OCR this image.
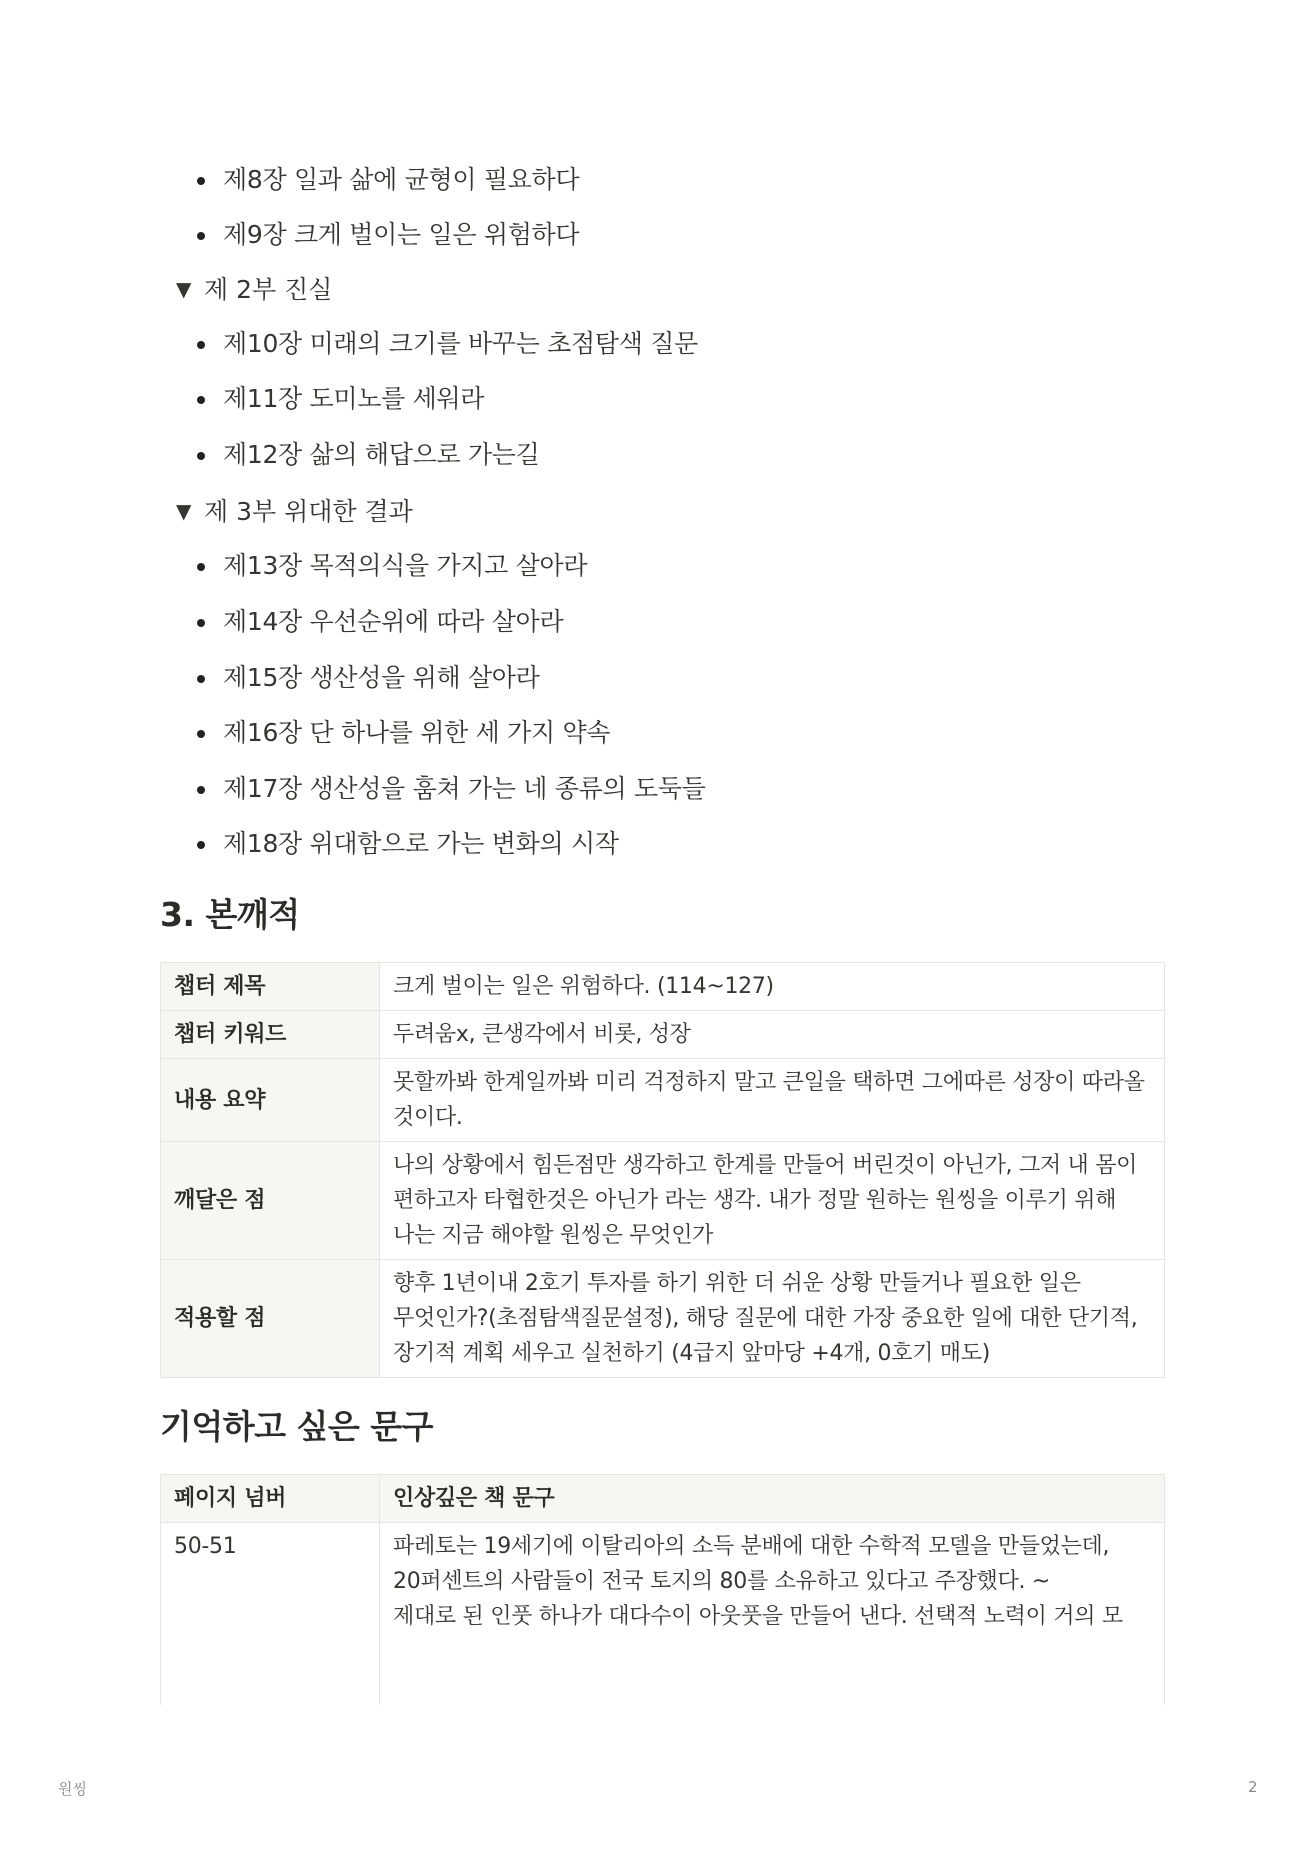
제8장 일과 삶에 균형이 필요하다
제9장 크게 벌이는 일은 위험하다
▼ 제 2부 진실
제10장 미래의 크기를 바꾸는 초점탐색 질문
제11장 도미노를 세워라
제12장 삶의 해답으로 가는길
▼ 제 3부 위대한 결과
제13장 목적의식을 가지고 살아라
제14장 우선순위에 따라 살아라
제15장 생산성을 위해 살아라
제16장 단 하나를 위한 세 가지 약속
제17장 생산성을 훔쳐 가는 네 종류의 도둑들
제18장 위대함으로 가는 변화의 시작
3. 본깨적
챕터 제목	크게 벌이는 일은 위험하다. (114~127)
챕터 키워드	두려움x, 큰생각에서 비롯, 성장
내용 요약	못할까봐 한계일까봐 미리 걱정하지 말고 큰일을 택하면 그에따른 성장이 따라올 것이다.
깨달은 점	나의 상황에서 힘든점만 생각하고 한계를 만들어 버린것이 아닌가, 그저 내 몸이 편하고자 타협한것은 아닌가 라는 생각. 내가 정말 원하는 원씽을 이루기 위해 나는 지금 해야할 원씽은 무엇인가
적용할 점	향후 1년이내 2호기 투자를 하기 위한 더 쉬운 상황 만들거나 필요한 일은 무엇인가?(초점탐색질문설정), 해당 질문에 대한 가장 중요한 일에 대한 단기적, 장기적 계획 세우고 실천하기 (4급지 앞마당 +4개, 0호기 매도)
기억하고 싶은 문구
페이지 넘버	인상깊은 책 문구
50-51	파레토는 19세기에 이탈리아의 소득 분배에 대한 수학적 모델을 만들었는데,
20퍼센트의 사람들이 전국 토지의 80를 소유하고 있다고 주장했다. ~
제대로 된 인풋 하나가 대다수이 아웃풋을 만들어 낸다. 선택적 노력이 거의 모
원씽	2
